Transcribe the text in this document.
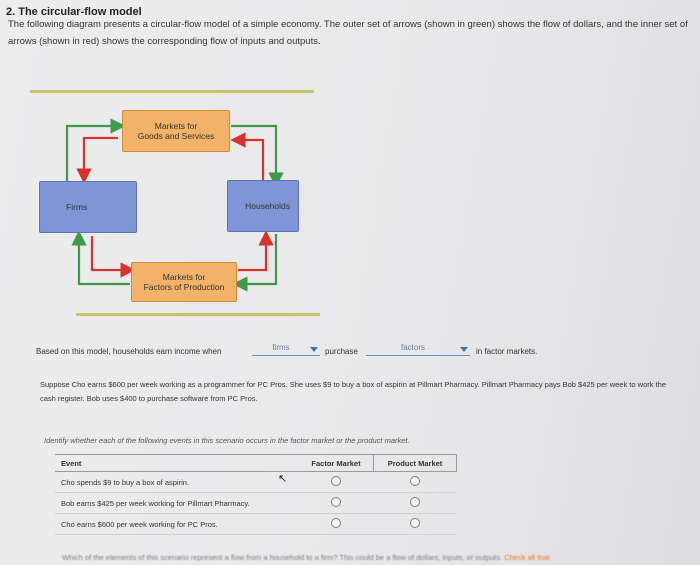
2. The circular-flow model
The following diagram presents a circular-flow model of a simple economy. The outer set of arrows (shown in green) shows the flow of dollars, and the inner set of arrows (shown in red) shows the corresponding flow of inputs and outputs.
Markets for
Goods and Services
Firms	Households
Markets for
Factors of Production
Based on this model, households earn income when	firms	purchase	factors	in factor markets.
Suppose Cho earns $600 per week working as a programmer for PC Pros. She uses $9 to buy a box of aspirin at Pillmart Pharmacy. Pillmart Pharmacy pays Bob $425 per week to work the cash register. Bob uses $400 to purchase software from PC Pros.
Identify whether each of the following events in this scenario occurs in the factor market or the product market.
Event	Factor Market	Product Market
Cho spends $9 to buy a box of aspirin.		
Bob earns $425 per week working for Pillmart Pharmacy.		
Cho earns $600 per week working for PC Pros.		
↖
Which of the elements of this scenario represent a flow from a household to a firm? This could be a flow of dollars, inputs, or outputs. Check all that
